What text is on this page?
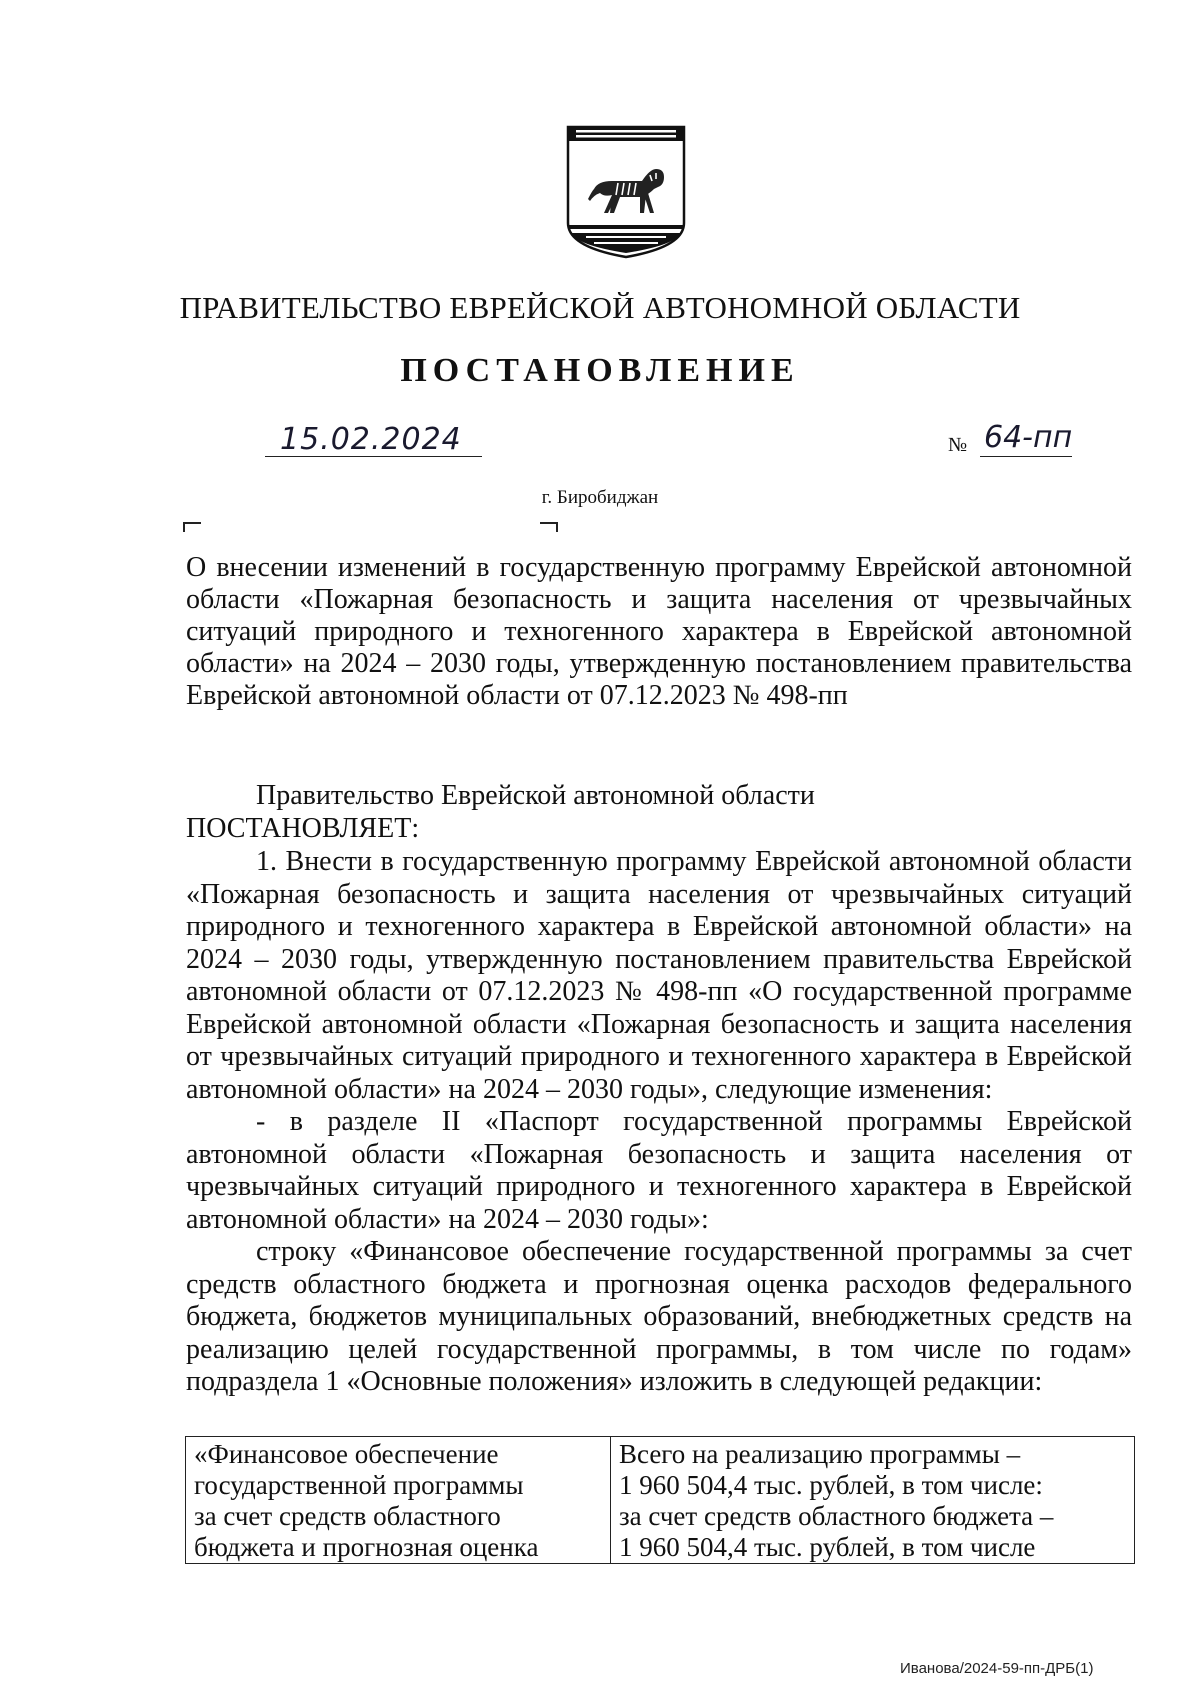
ПРАВИТЕЛЬСТВО ЕВРЕЙСКОЙ АВТОНОМНОЙ ОБЛАСТИ
ПОСТАНОВЛЕНИЕ
15.02.2024	№ 64-пп
г. Биробиджан
О внесении изменений в государственную программу Еврейской автономной области «Пожарная безопасность и защита населения от чрезвычайных ситуаций природного и техногенного характера в Еврейской автономной области» на 2024 – 2030 годы, утвержденную постановлением правительства Еврейской автономной области от 07.12.2023 № 498-пп
Правительство Еврейской автономной области
ПОСТАНОВЛЯЕТ:
1. Внести в государственную программу Еврейской автономной области «Пожарная безопасность и защита населения от чрезвычайных ситуаций природного и техногенного характера в Еврейской автономной области» на 2024 – 2030 годы, утвержденную постановлением правительства Еврейской автономной области от 07.12.2023 № 498-пп «О государственной программе Еврейской автономной области «Пожарная безопасность и защита населения от чрезвычайных ситуаций природного и техногенного характера в Еврейской автономной области» на 2024 – 2030 годы», следующие изменения:
- в разделе II «Паспорт государственной программы Еврейской автономной области «Пожарная безопасность и защита населения от чрезвычайных ситуаций природного и техногенного характера в Еврейской автономной области» на 2024 – 2030 годы»:
строку «Финансовое обеспечение государственной программы за счет средств областного бюджета и прогнозная оценка расходов федерального бюджета, бюджетов муниципальных образований, внебюджетных средств на реализацию целей государственной программы, в том числе по годам» подраздела 1 «Основные положения» изложить в следующей редакции:
«Финансовое обеспечение
государственной программы
за счет средств областного
бюджета и прогнозная оценка

Всего на реализацию программы –
1 960 504,4 тыс. рублей, в том числе:
за счет средств областного бюджета –
1 960 504,4 тыс. рублей, в том числе
Иванова/2024-59-пп-ДРБ(1)
